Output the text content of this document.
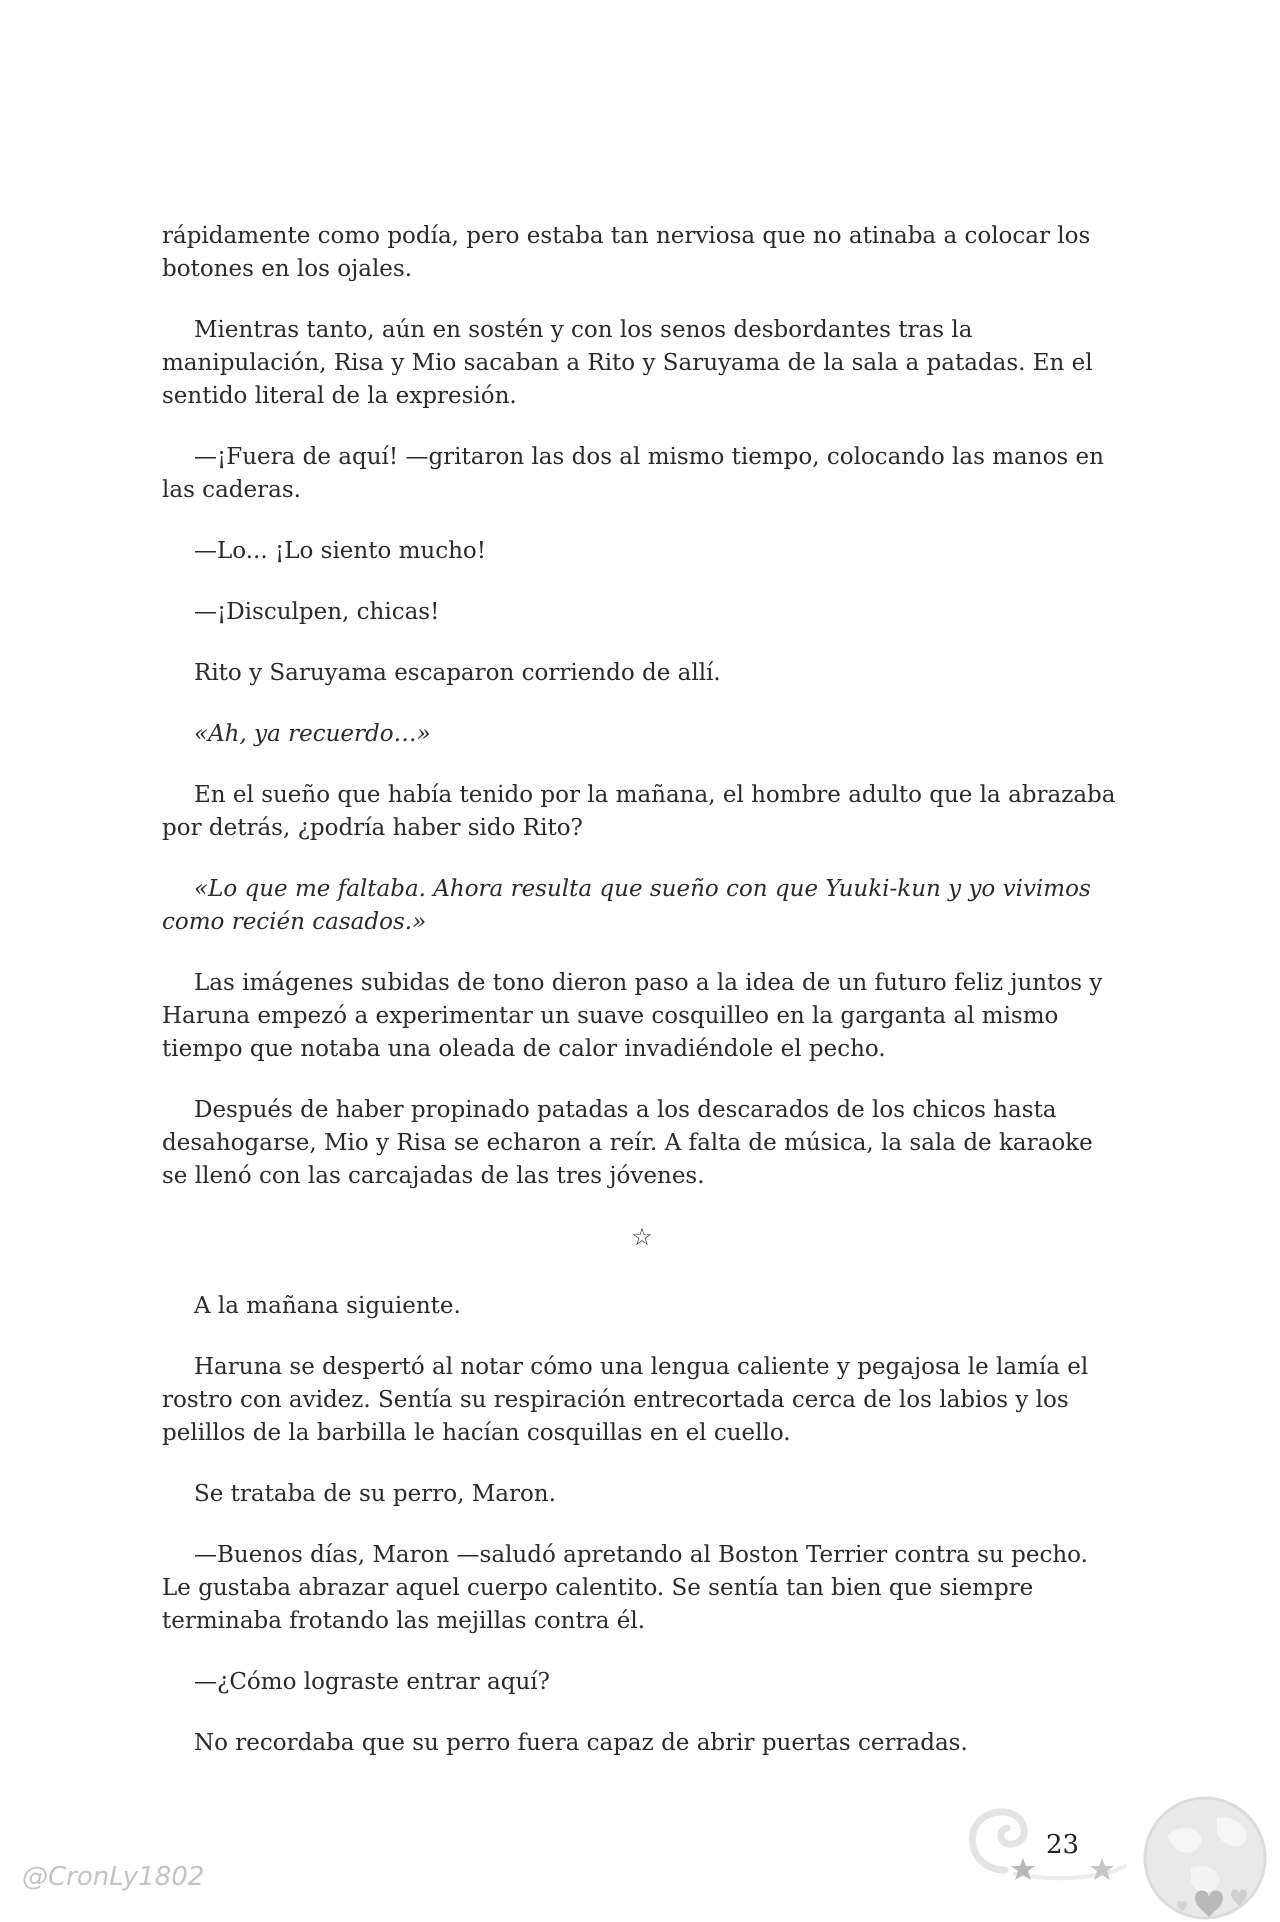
rápidamente como podía, pero estaba tan nerviosa que no atinaba a colocar los botones en los ojales.

Mientras tanto, aún en sostén y con los senos desbordantes tras la manipulación, Risa y Mio sacaban a Rito y Saruyama de la sala a patadas. En el sentido literal de la expresión.

—¡Fuera de aquí! —gritaron las dos al mismo tiempo, colocando las manos en las caderas.

—Lo... ¡Lo siento mucho!

—¡Disculpen, chicas!

Rito y Saruyama escaparon corriendo de allí.

«Ah, ya recuerdo…»

En el sueño que había tenido por la mañana, el hombre adulto que la abrazaba por detrás, ¿podría haber sido Rito?

«Lo que me faltaba. Ahora resulta que sueño con que Yuuki-kun y yo vivimos como recién casados.»

Las imágenes subidas de tono dieron paso a la idea de un futuro feliz juntos y Haruna empezó a experimentar un suave cosquilleo en la garganta al mismo tiempo que notaba una oleada de calor invadiéndole el pecho.

Después de haber propinado patadas a los descarados de los chicos hasta desahogarse, Mio y Risa se echaron a reír. A falta de música, la sala de karaoke se llenó con las carcajadas de las tres jóvenes.

☆

A la mañana siguiente.

Haruna se despertó al notar cómo una lengua caliente y pegajosa le lamía el rostro con avidez. Sentía su respiración entrecortada cerca de los labios y los pelillos de la barbilla le hacían cosquillas en el cuello.

Se trataba de su perro, Maron.

—Buenos días, Maron —saludó apretando al Boston Terrier contra su pecho. Le gustaba abrazar aquel cuerpo calentito. Se sentía tan bien que siempre terminaba frotando las mejillas contra él.

—¿Cómo lograste entrar aquí?

No recordaba que su perro fuera capaz de abrir puertas cerradas.

23
@CronLy1802
